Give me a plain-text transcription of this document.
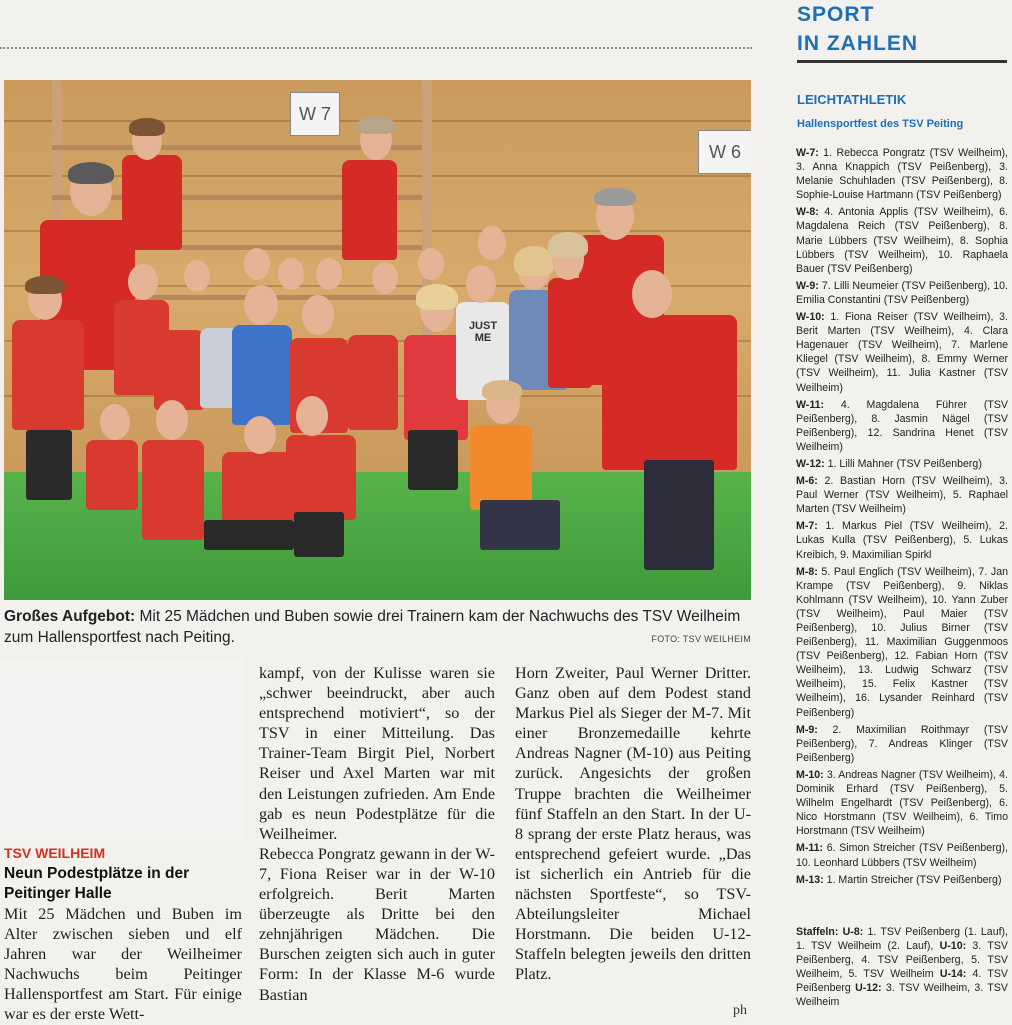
W 7
W 6
JUST ME
Großes Aufgebot: Mit 25 Mädchen und Buben sowie drei Trainern kam der Nachwuchs des TSV Weilheim zum Hallensportfest nach Peiting.	FOTO: TSV WEILHEIM
TSV WEILHEIM
Neun Podestplätze in der Peitinger Halle

Mit 25 Mädchen und Buben im Alter zwischen sieben und elf Jahren war der Weilheimer Nachwuchs beim Peitinger Hallensportfest am Start. Für einige war es der erste Wett-

kampf, von der Kulisse waren sie „schwer beeindruckt, aber auch entsprechend motiviert“, so der TSV in einer Mitteilung. Das Trainer-Team Birgit Piel, Norbert Reiser und Axel Marten war mit den Leistungen zufrieden. Am Ende gab es neun Podestplätze für die Weilheimer.

Rebecca Pongratz gewann in der W-7, Fiona Reiser war in der W-10 erfolgreich. Berit Marten überzeugte als Dritte bei den zehnjährigen Mädchen. Die Burschen zeigten sich auch in guter Form: In der Klasse M-6 wurde Bastian

Horn Zweiter, Paul Werner Dritter. Ganz oben auf dem Podest stand Markus Piel als Sieger der M-7. Mit einer Bronzemedaille kehrte Andreas Nagner (M-10) aus Peiting zurück. Angesichts der großen Truppe brachten die Weilheimer fünf Staffeln an den Start. In der U-8 sprang der erste Platz heraus, was entsprechend gefeiert wurde. „Das ist sicherlich ein Antrieb für die nächsten Sportfeste“, so TSV-Abteilungsleiter Michael Horstmann. Die beiden U-12-Staffeln belegten jeweils den dritten Platz.

ph
SPORT
IN ZAHLEN
LEICHTATHLETIK
Hallensportfest des TSV Peiting

W-7: 1. Rebecca Pongratz (TSV Weilheim), 3. Anna Knappich (TSV Peißenberg), 3. Melanie Schuhladen (TSV Peißenberg), 8. Sophie-Louise Hartmann (TSV Peißenberg)

W-8: 4. Antonia Applis (TSV Weilheim), 6. Magdalena Reich (TSV Peißenberg), 8. Marie Lübbers (TSV Weilheim), 8. Sophia Lübbers (TSV Weilheim), 10. Raphaela Bauer (TSV Peißenberg)

W-9: 7. Lilli Neumeier (TSV Peißenberg), 10. Emilia Constantini (TSV Peißenberg)

W-10: 1. Fiona Reiser (TSV Weilheim), 3. Berit Marten (TSV Weilheim), 4. Clara Hagenauer (TSV Weilheim), 7. Marlene Kliegel (TSV Weilheim), 8. Emmy Werner (TSV Weilheim), 11. Julia Kastner (TSV Weilheim)

W-11: 4. Magdalena Führer (TSV Peißenberg), 8. Jasmin Nägel (TSV Peißenberg), 12. Sandrina Henet (TSV Weilheim)

W-12: 1. Lilli Mahner (TSV Peißenberg)

M-6: 2. Bastian Horn (TSV Weilheim), 3. Paul Werner (TSV Weilheim), 5. Raphael Marten (TSV Weilheim)

M-7: 1. Markus Piel (TSV Weilheim), 2. Lukas Kulla (TSV Peißenberg), 5. Lukas Kreibich, 9. Maximilian Spirkl

M-8: 5. Paul Englich (TSV Weilheim), 7. Jan Krampe (TSV Peißenberg), 9. Niklas Kohlmann (TSV Weilheim), 10. Yann Zuber (TSV Weilheim), Paul Maier (TSV Peißenberg), 10. Julius Birner (TSV Peißenberg), 11. Maximilian Guggenmoos (TSV Peißenberg), 12. Fabian Horn (TSV Weilheim), 13. Ludwig Schwarz (TSV Weilheim), 15. Felix Kastner (TSV Weilheim), 16. Lysander Reinhard (TSV Peißenberg)

M-9: 2. Maximilian Roithmayr (TSV Peißenberg), 7. Andreas Klinger (TSV Peißenberg)

M-10: 3. Andreas Nagner (TSV Weilheim), 4. Dominik Erhard (TSV Peißenberg), 5. Wilhelm Engelhardt (TSV Peißenberg), 6. Nico Horstmann (TSV Weilheim), 6. Timo Horstmann (TSV Weilheim)

M-11: 6. Simon Streicher (TSV Peißenberg), 10. Leonhard Lübbers (TSV Weilheim)

M-13: 1. Martin Streicher (TSV Peißenberg)

Staffeln: U-8: 1. TSV Peißenberg (1. Lauf), 1. TSV Weilheim (2. Lauf), U-10: 3. TSV Peißenberg, 4. TSV Peißenberg, 5. TSV Weilheim, 5. TSV Weilheim U-14: 4. TSV Peißenberg U-12: 3. TSV Weilheim, 3. TSV Weilheim
